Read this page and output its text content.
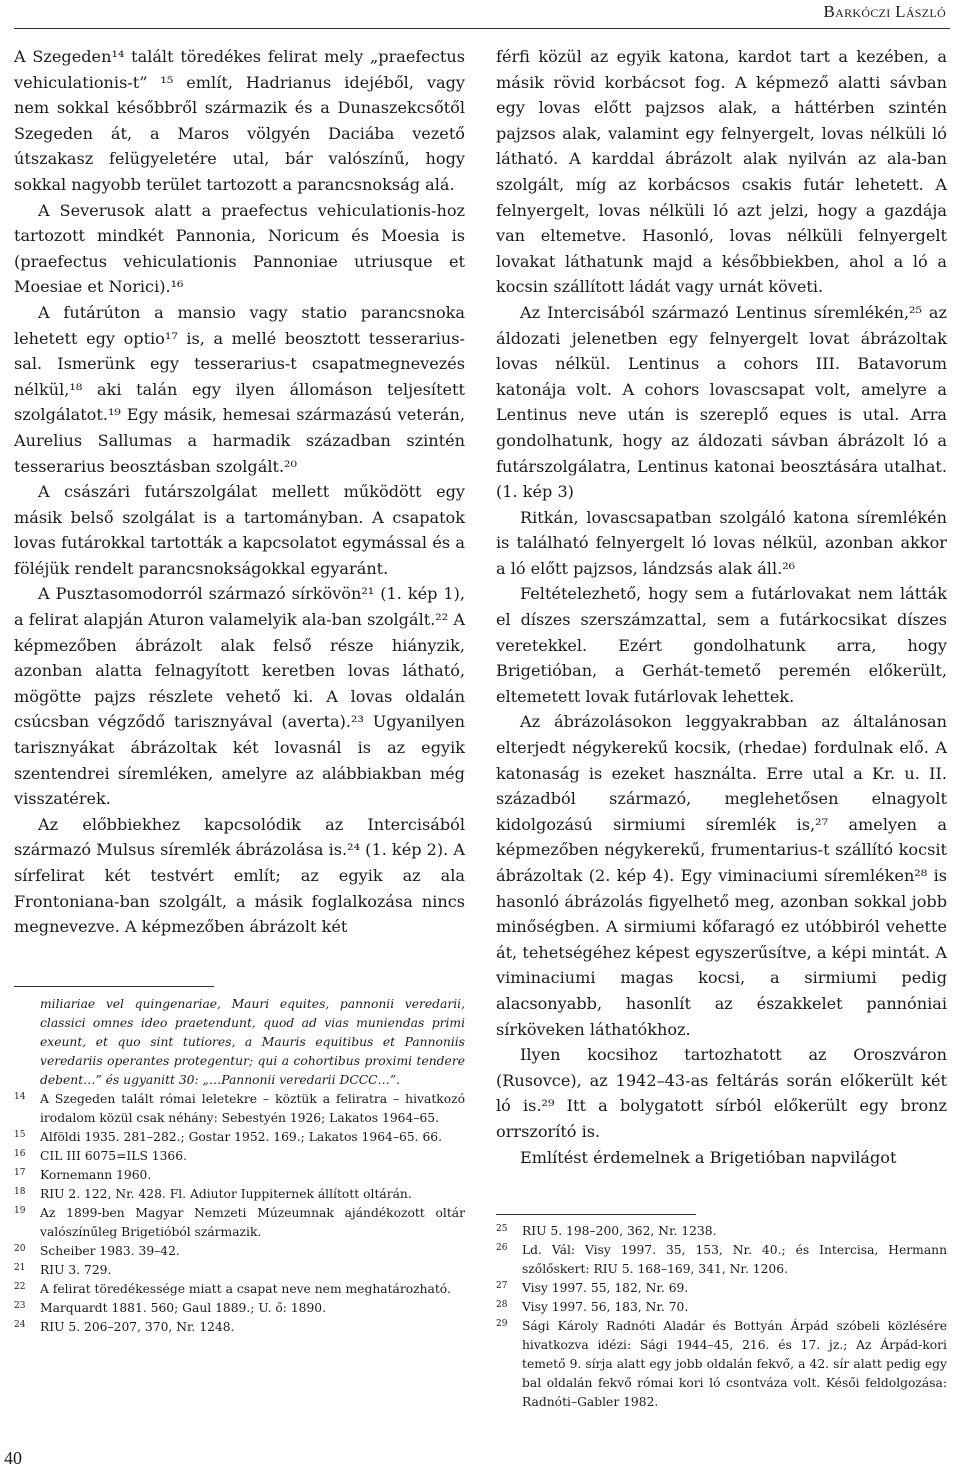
Barkóczi László

A Szegeden¹⁴ talált töredékes felirat mely „praefectus vehiculationis-t” ¹⁵ említ, Hadrianus idejéből, vagy nem sokkal későbbről származik és a Dunaszekcsőtől Szegeden át, a Maros völgyén Daciába vezető útszakasz felügyeletére utal, bár valószínű, hogy sokkal nagyobb terület tartozott a parancsnokság alá.

A Severusok alatt a praefectus vehiculationis-hoz tartozott mindkét Pannonia, Noricum és Moesia is (praefectus vehiculationis Pannoniae utriusque et Moesiae et Norici).¹⁶

A futárúton a mansio vagy statio parancsnoka lehetett egy optio¹⁷ is, a mellé beosztott tesserarius-sal. Ismerünk egy tesserarius-t csapatmegnevezés nélkül,¹⁸ aki talán egy ilyen állomáson teljesített szolgálatot.¹⁹ Egy másik, hemesai származású veterán, Aurelius Sallumas a harmadik században szintén tesserarius beosztásban szolgált.²⁰

A császári futárszolgálat mellett működött egy másik belső szolgálat is a tartományban. A csapatok lovas futárokkal tartották a kapcsolatot egymással és a föléjük rendelt parancsnokságokkal egyaránt.

A Pusztasomodorról származó sírkövön²¹ (1. kép 1), a felirat alapján Aturon valamelyik ala-ban szolgált.²² A képmezőben ábrázolt alak felső része hiányzik, azonban alatta felnagyított keretben lovas látható, mögötte pajzs részlete vehető ki. A lovas oldalán csúcsban végződő tarisznyával (averta).²³ Ugyanilyen tarisznyákat ábrázoltak két lovasnál is az egyik szentendrei síremléken, amelyre az alábbiakban még visszatérek.

Az előbbiekhez kapcsolódik az Intercisából származó Mulsus síremlék ábrázolása is.²⁴ (1. kép 2). A sírfelirat két testvért említ; az egyik az ala Frontoniana-ban szolgált, a másik foglalkozása nincs megnevezve. A képmezőben ábrázolt két

férfi közül az egyik katona, kardot tart a kezében, a másik rövid korbácsot fog. A képmező alatti sávban egy lovas előtt pajzsos alak, a háttérben szintén pajzsos alak, valamint egy felnyergelt, lovas nélküli ló látható. A karddal ábrázolt alak nyilván az ala-ban szolgált, míg az korbácsos csakis futár lehetett. A felnyergelt, lovas nélküli ló azt jelzi, hogy a gazdája van eltemetve. Hasonló, lovas nélküli felnyergelt lovakat láthatunk majd a későbbiekben, ahol a ló a kocsin szállított ládát vagy urnát követi.

Az Intercisából származó Lentinus síremlékén,²⁵ az áldozati jelenetben egy felnyergelt lovat ábrázoltak lovas nélkül. Lentinus a cohors III. Batavorum katonája volt. A cohors lovascsapat volt, amelyre a Lentinus neve után is szereplő eques is utal. Arra gondolhatunk, hogy az áldozati sávban ábrázolt ló a futárszolgálatra, Lentinus katonai beosztására utalhat. (1. kép 3)

Ritkán, lovascsapatban szolgáló katona síremlékén is található felnyergelt ló lovas nélkül, azonban akkor a ló előtt pajzsos, lándzsás alak áll.²⁶

Feltételezhető, hogy sem a futárlovakat nem látták el díszes szerszámzattal, sem a futárkocsikat díszes veretekkel. Ezért gondolhatunk arra, hogy Brigetióban, a Gerhát-temető peremén előkerült, eltemetett lovak futárlovak lehettek.

Az ábrázolásokon leggyakrabban az általánosan elterjedt négykerekű kocsik, (rhedae) fordulnak elő. A katonaság is ezeket használta. Erre utal a Kr. u. II. századból származó, meglehetősen elnagyolt kidolgozású sirmiumi síremlék is,²⁷ amelyen a képmezőben négykerekű, frumentarius-t szállító kocsit ábrázoltak (2. kép 4). Egy viminaciumi síremléken²⁸ is hasonló ábrázolás figyelhető meg, azonban sokkal jobb minőségben. A sirmiumi kőfaragó ez utóbbiról vehette át, tehetségéhez képest egyszerűsítve, a képi mintát. A viminaciumi magas kocsi, a sirmiumi pedig alacsonyabb, hasonlít az északkelet pannóniai sírköveken láthatókhoz.

Ilyen kocsihoz tartozhatott az Oroszváron (Rusovce), az 1942–43-as feltárás során előkerült két ló is.²⁹ Itt a bolygatott sírból előkerült egy bronz orrszorító is.

Említést érdemelnek a Brigetióban napvilágot

miliariae vel quingenariae, Mauri equites, pannonii veredarii, classici omnes ideo praetendunt, quod ad vias muniendas primi exeunt, et quo sint tutiores, a Mauris equitibus et Pannoniis veredariis operantes protegentur; qui a cohortibus proximi tendere debent…” és ugyanitt 30: „…Pannonii veredarii DCCC…”.
14 A Szegeden talált római leletekre – köztük a feliratra – hivatkozó irodalom közül csak néhány: Sebestyén 1926; Lakatos 1964–65.
15 Alföldi 1935. 281–282.; Gostar 1952. 169.; Lakatos 1964–65. 66.
16 CIL III 6075=ILS 1366.
17 Kornemann 1960.
18 RIU 2. 122, Nr. 428. Fl. Adiutor Iuppiternek állított oltárán.
19 Az 1899-ben Magyar Nemzeti Múzeumnak ajándékozott oltár valószínűleg Brigetióból származik.
20 Scheiber 1983. 39–42.
21 RIU 3. 729.
22 A felirat töredékessége miatt a csapat neve nem meghatározható.
23 Marquardt 1881. 560; Gaul 1889.; U. ő: 1890.
24 RIU 5. 206–207, 370, Nr. 1248.
25 RIU 5. 198–200, 362, Nr. 1238.
26 Ld. Vál: Visy 1997. 35, 153, Nr. 40.; és Intercisa, Hermann szőlőskert: RIU 5. 168–169, 341, Nr. 1206.
27 Visy 1997. 55, 182, Nr. 69.
28 Visy 1997. 56, 183, Nr. 70.
29 Sági Károly Radnóti Aladár és Bottyán Árpád szóbeli közlésére hivatkozva idézi: Sági 1944–45, 216. és 17. jz.; Az Árpád-kori temető 9. sírja alatt egy jobb oldalán fekvő, a 42. sír alatt pedig egy bal oldalán fekvő római kori ló csontváza volt. Késői feldolgozása: Radnóti–Gabler 1982.
40
